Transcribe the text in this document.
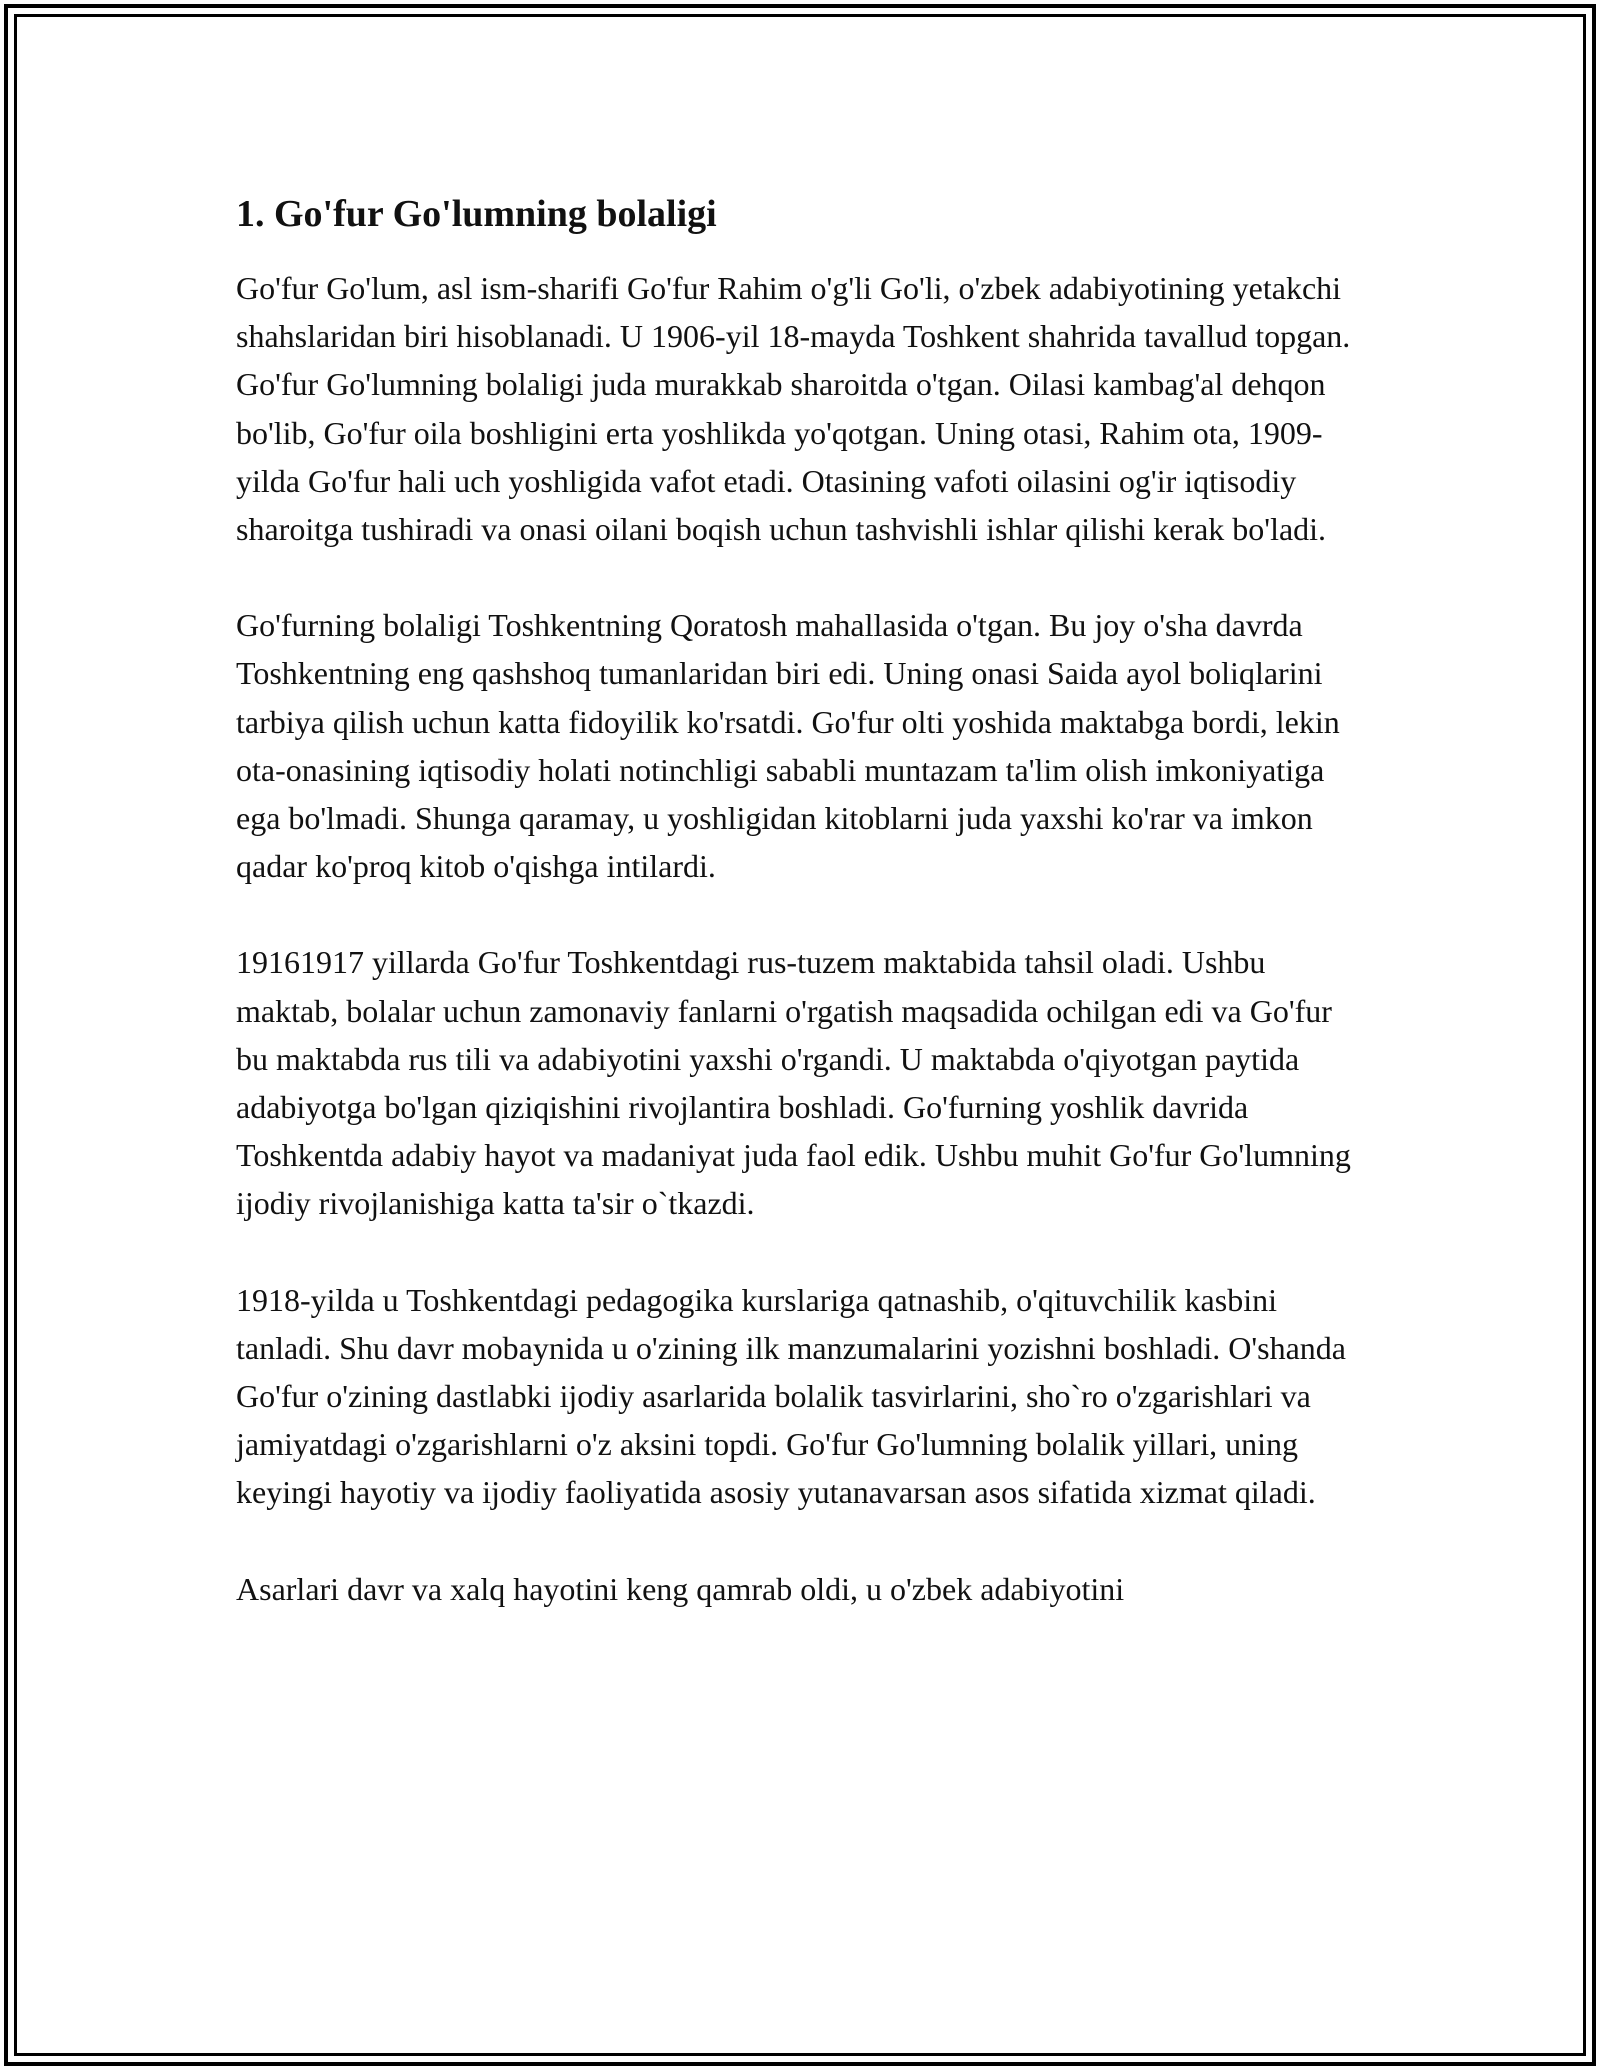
1. Go'fur Go'lumning bolaligi

Go'fur Go'lum, asl ism-sharifi Go'fur Rahim o'g'li Go'li, o'zbek adabiyotining yetakchi shahslaridan biri hisoblanadi. U 1906-yil 18-mayda Toshkent shahrida tavallud topgan. Go'fur Go'lumning bolaligi juda murakkab sharoitda o'tgan. Oilasi kambag'al dehqon bo'lib, Go'fur oila boshligini erta yoshlikda yo'qotgan. Uning otasi, Rahim ota, 1909-yilda Go'fur hali uch yoshligida vafot etadi. Otasining vafoti oilasini og'ir iqtisodiy sharoitga tushiradi va onasi oilani boqish uchun tashvishli ishlar qilishi kerak bo'ladi.

Go'furning bolaligi Toshkentning Qoratosh mahallasida o'tgan. Bu joy o'sha davrda Toshkentning eng qashshoq tumanlaridan biri edi. Uning onasi Saida ayol boliqlarini tarbiya qilish uchun katta fidoyilik ko'rsatdi. Go'fur olti yoshida maktabga bordi, lekin ota-onasining iqtisodiy holati notinchligi sababli muntazam ta'lim olish imkoniyatiga ega bo'lmadi. Shunga qaramay, u yoshligidan kitoblarni juda yaxshi ko'rar va imkon qadar ko'proq kitob o'qishga intilardi.

19161917 yillarda Go'fur Toshkentdagi rus-tuzem maktabida tahsil oladi. Ushbu maktab, bolalar uchun zamonaviy fanlarni o'rgatish maqsadida ochilgan edi va Go'fur bu maktabda rus tili va adabiyotini yaxshi o'rgandi. U maktabda o'qiyotgan paytida adabiyotga bo'lgan qiziqishini rivojlantira boshladi. Go'furning yoshlik davrida Toshkentda adabiy hayot va madaniyat juda faol edik. Ushbu muhit Go'fur Go'lumning ijodiy rivojlanishiga katta ta'sir o`tkazdi.

1918-yilda u Toshkentdagi pedagogika kurslariga qatnashib, o'qituvchilik kasbini tanladi. Shu davr mobaynida u o'zining ilk manzumalarini yozishni boshladi. O'shanda Go'fur o'zining dastlabki ijodiy asarlarida bolalik tasvirlarini, sho`ro o'zgarishlari va jamiyatdagi o'zgarishlarni o'z aksini topdi. Go'fur Go'lumning bolalik yillari, uning keyingi hayotiy va ijodiy faoliyatida asosiy yutanavarsan asos sifatida xizmat qiladi.

Asarlari davr va xalq hayotini keng qamrab oldi, u o'zbek adabiyotini
